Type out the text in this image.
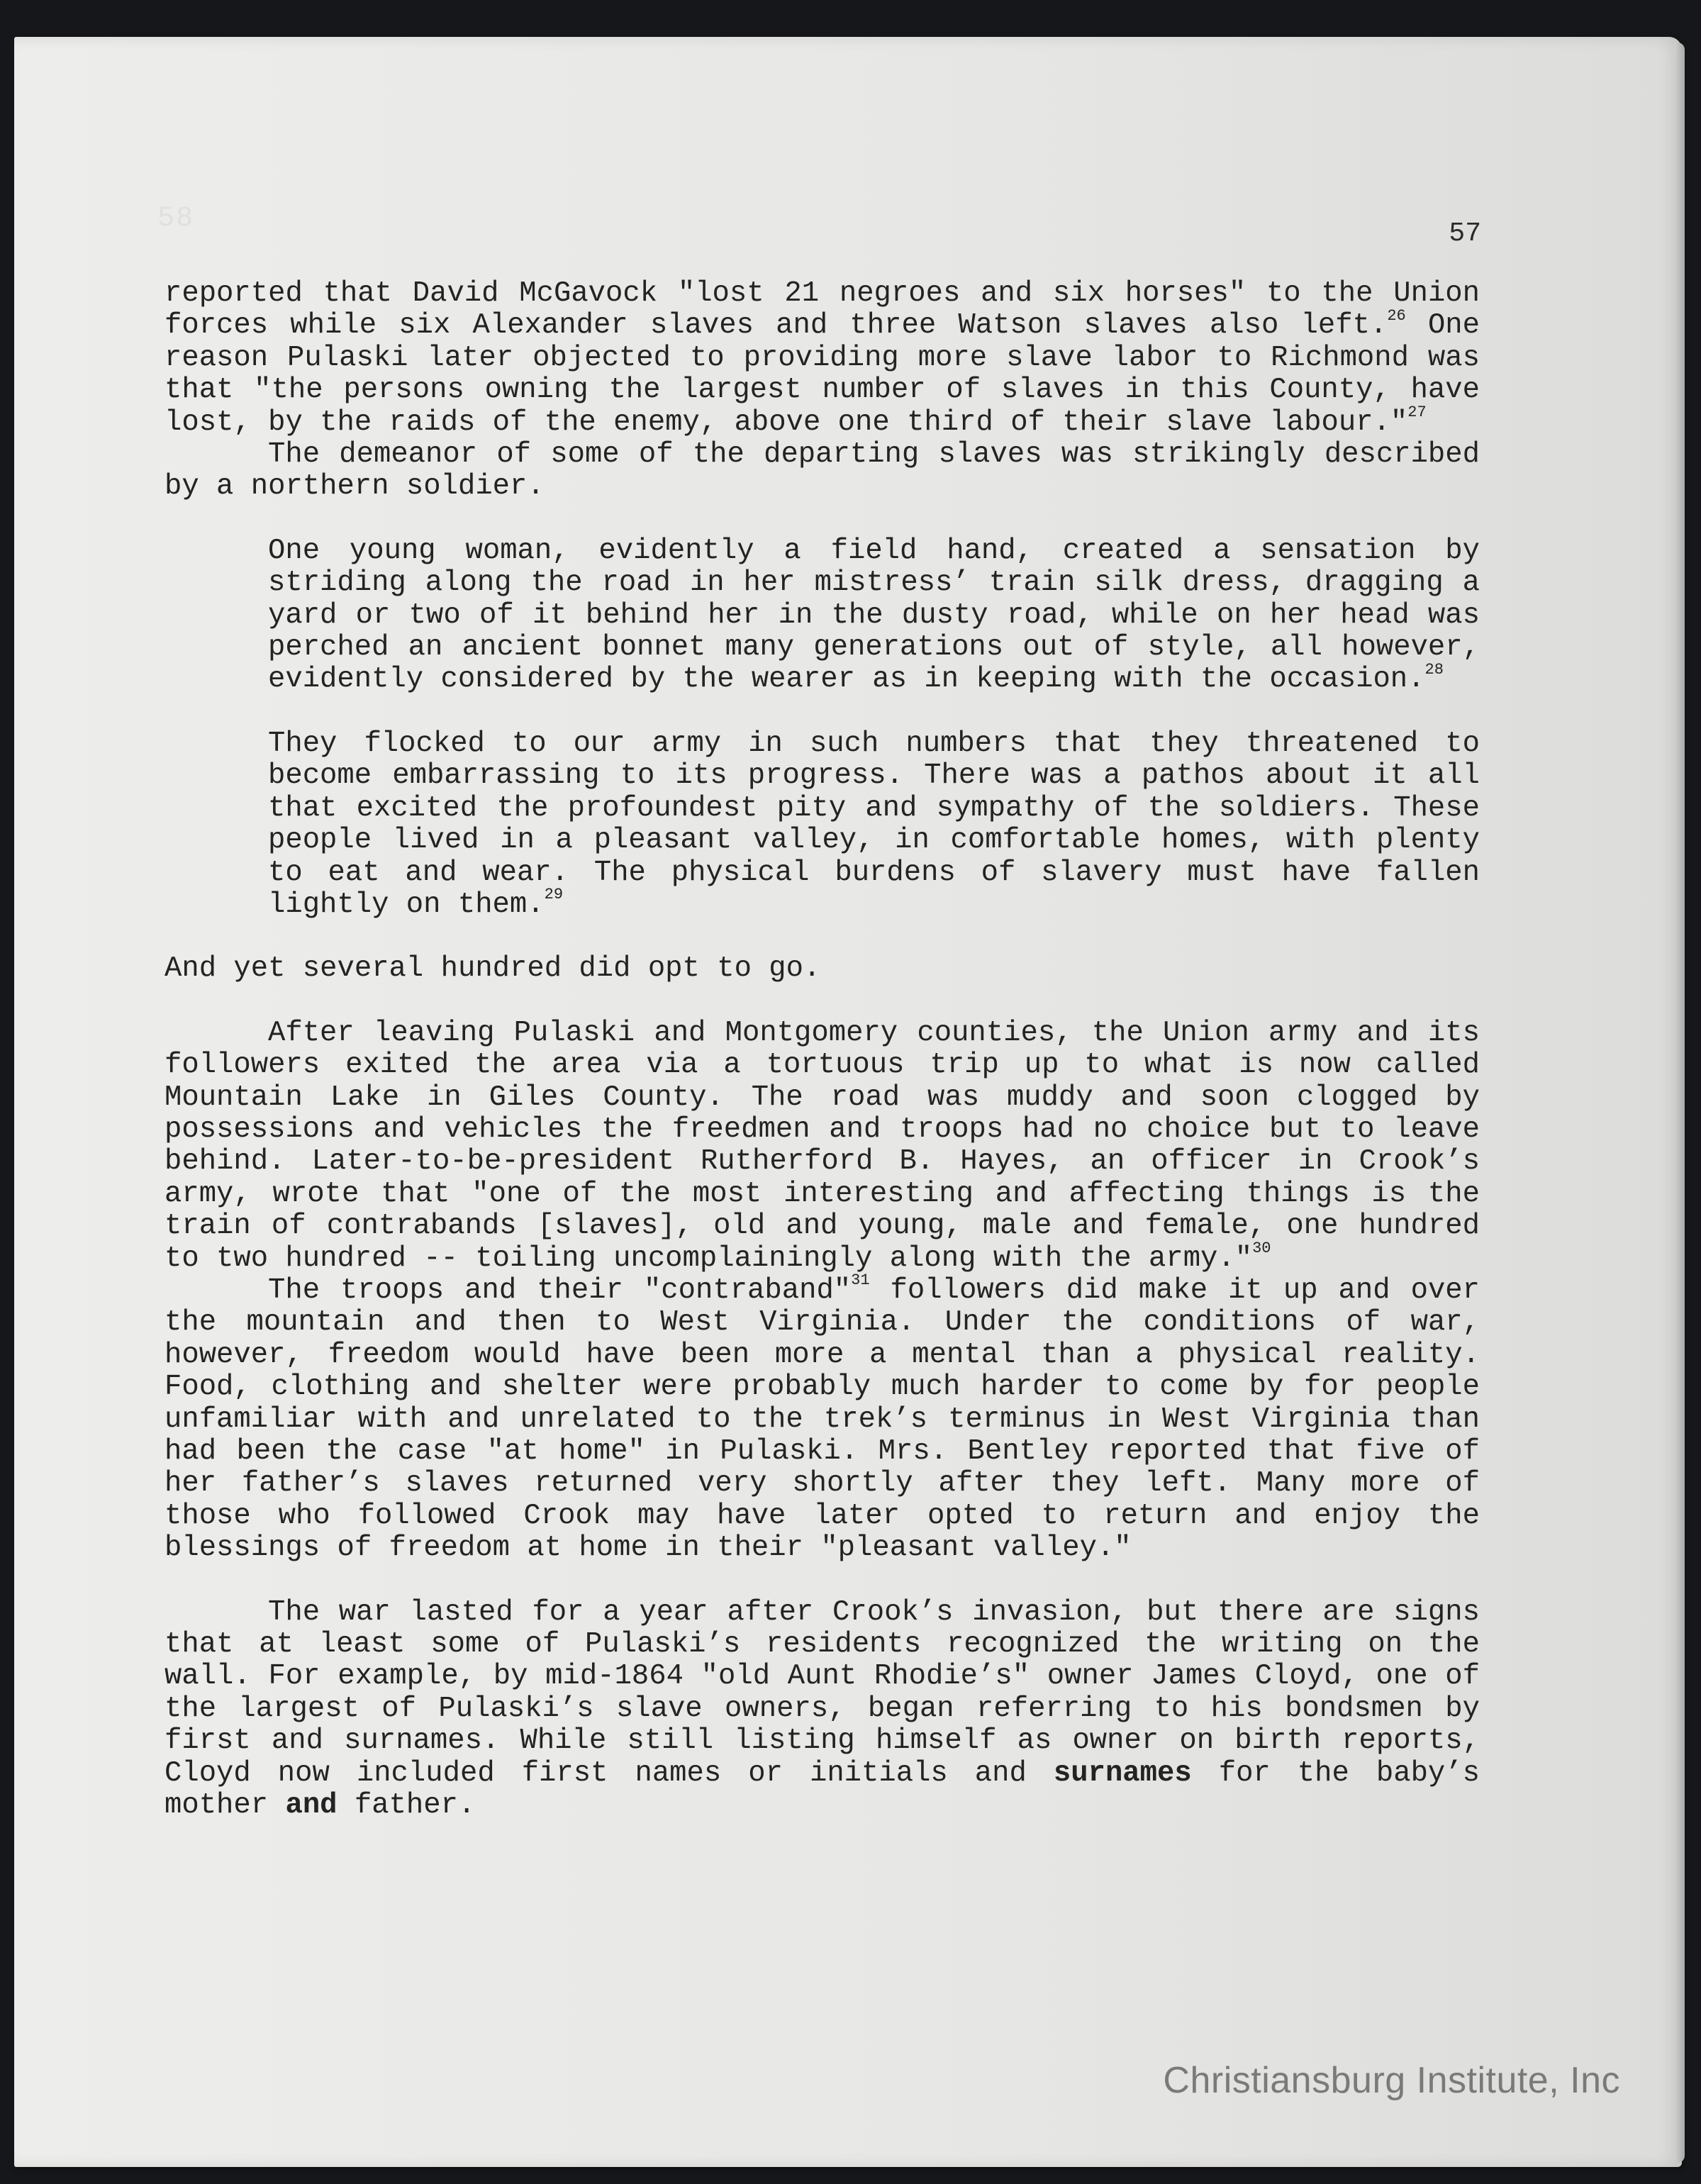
58	57

reported that David McGavock "lost 21 negroes and six horses" to the Union forces while six Alexander slaves and three Watson slaves also left.$^{26}$ One reason Pulaski later objected to providing more slave labor to Richmond was that "the persons owning the largest number of slaves in this County, have lost, by the raids of the enemy, above one third of their slave labour."$^{27}$

The demeanor of some of the departing slaves was strikingly described by a northern soldier.

One young woman, evidently a field hand, created a sensation by striding along the road in her mistress’ train silk dress, dragging a yard or two of it behind her in the dusty road, while on her head was perched an ancient bonnet many generations out of style, all however, evidently considered by the wearer as in keeping with the occasion.$^{28}$

They flocked to our army in such numbers that they threatened to become embarrassing to its progress. There was a pathos about it all that excited the profoundest pity and sympathy of the soldiers. These people lived in a pleasant valley, in comfortable homes, with plenty to eat and wear. The physical burdens of slavery must have fallen lightly on them.$^{29}$

And yet several hundred did opt to go.

After leaving Pulaski and Montgomery counties, the Union army and its followers exited the area via a tortuous trip up to what is now called Mountain Lake in Giles County. The road was muddy and soon clogged by possessions and vehicles the freedmen and troops had no choice but to leave behind. Later-to-be-president Rutherford B. Hayes, an officer in Crook’s army, wrote that "one of the most interesting and affecting things is the train of contrabands [slaves], old and young, male and female, one hundred to two hundred -- toiling uncomplainingly along with the army."$^{30}$

The troops and their "contraband"$^{31}$ followers did make it up and over the mountain and then to West Virginia. Under the conditions of war, however, freedom would have been more a mental than a physical reality. Food, clothing and shelter were probably much harder to come by for people unfamiliar with and unrelated to the trek’s terminus in West Virginia than had been the case "at home" in Pulaski. Mrs. Bentley reported that five of her father’s slaves returned very shortly after they left. Many more of those who followed Crook may have later opted to return and enjoy the blessings of freedom at home in their "pleasant valley."

The war lasted for a year after Crook’s invasion, but there are signs that at least some of Pulaski’s residents recognized the writing on the wall. For example, by mid-1864 "old Aunt Rhodie’s" owner James Cloyd, one of the largest of Pulaski’s slave owners, began referring to his bondsmen by first and surnames. While still listing himself as owner on birth reports, Cloyd now included first names or initials and surnames for the baby’s mother and father.

Christiansburg Institute, Inc
